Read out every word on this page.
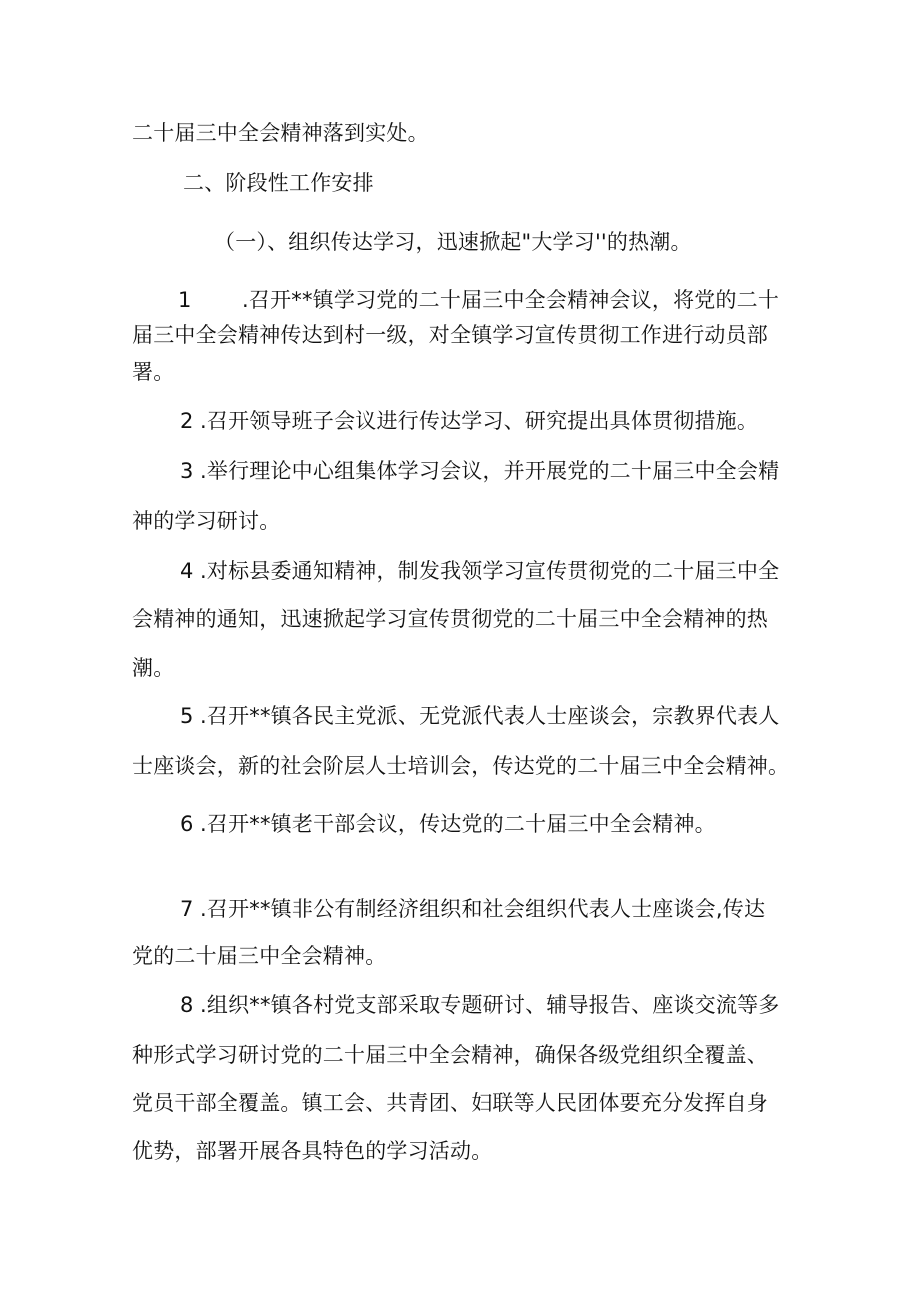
二十届三中全会精神落到实处。
二、阶段性工作安排
（一）、组织传达学习，迅速掀起"大学习''的热潮。
1 .召开**镇学习党的二十届三中全会精神会议，将党的二十
届三中全会精神传达到村一级，对全镇学习宣传贯彻工作进行动员部
署。
2 .召开领导班子会议进行传达学习、研究提出具体贯彻措施。
3 .举行理论中心组集体学习会议，并开展党的二十届三中全会精
神的学习研讨。
4 .对标县委通知精神，制发我领学习宣传贯彻党的二十届三中全
会精神的通知，迅速掀起学习宣传贯彻党的二十届三中全会精神的热
潮。
5 .召开**镇各民主党派、无党派代表人士座谈会，宗教界代表人
士座谈会，新的社会阶层人士培训会，传达党的二十届三中全会精神。
6 .召开**镇老干部会议，传达党的二十届三中全会精神。
7 .召开**镇非公有制经济组织和社会组织代表人士座谈会,传达
党的二十届三中全会精神。
8 .组织**镇各村党支部采取专题研讨、辅导报告、座谈交流等多
种形式学习研讨党的二十届三中全会精神，确保各级党组织全覆盖、
党员干部全覆盖。镇工会、共青团、妇联等人民团体要充分发挥自身
优势，部署开展各具特色的学习活动。
